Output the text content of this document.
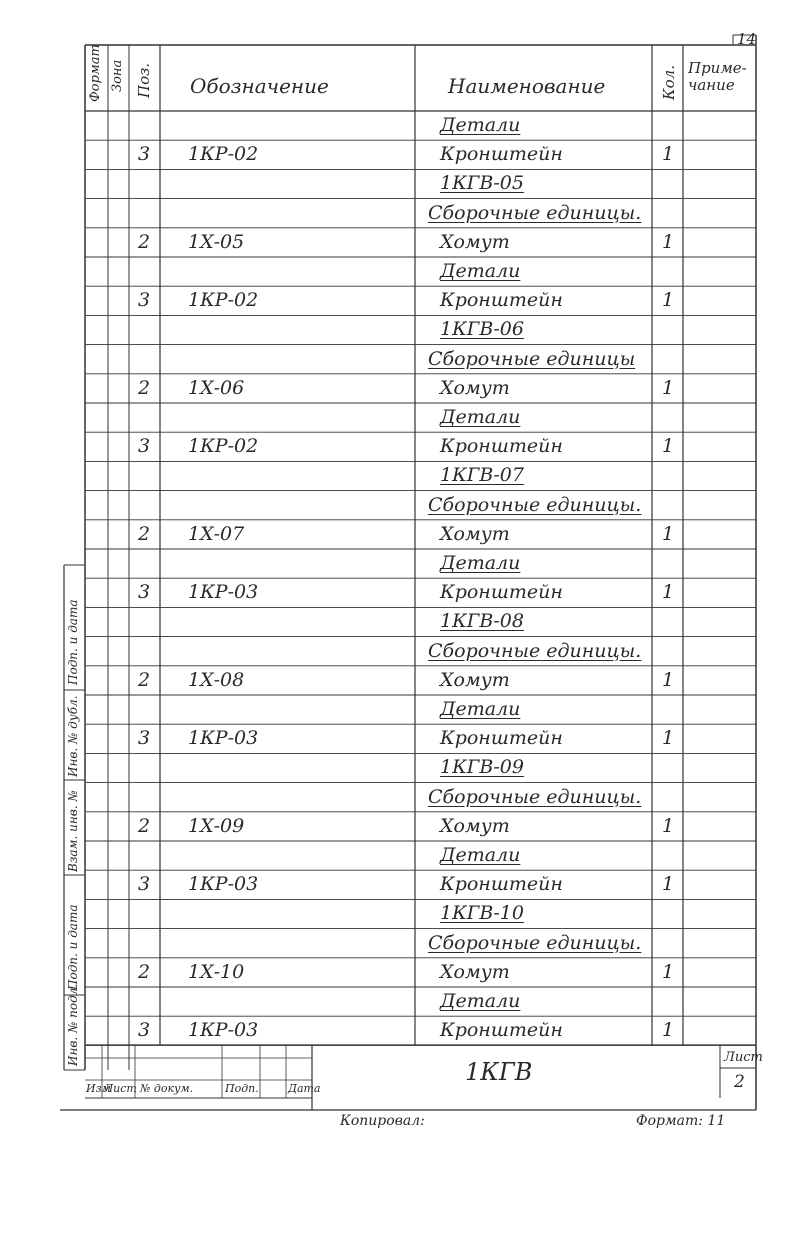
14
Формат Зона Поз. Обозначение	Наименование	Кол. Приме-чание
Детали
3 1КР-02	Кронштейн	1
1КГВ-05
Сборочные единицы.
2 1Х-05	Хомут	1
Детали
3 1КР-02	Кронштейн	1
1КГВ-06
Сборочные единицы
2 1Х-06	Хомут	1
Детали
3 1КР-02	Кронштейн	1
1КГВ-07
Сборочные единицы.
2 1Х-07	Хомут	1
Детали
3 1КР-03	Кронштейн	1
1КГВ-08
Сборочные единицы.
2 1Х-08	Хомут	1
Детали
3 1КР-03	Кронштейн	1
1КГВ-09
Сборочные единицы.
2 1Х-09	Хомут	1
Детали
3 1КР-03	Кронштейн	1
1КГВ-10
Сборочные единицы.
2 1Х-10	Хомут	1
Детали
3 1КР-03	Кронштейн	1
Подп. и дата
Инв. № дубл.
Взам. инв. №
Подп. и дата
Инв. № подл.
1КГВ
Лист
2
Изм
Лист № докум.	Подп.	Дата
Копировал:	Формат: 11
